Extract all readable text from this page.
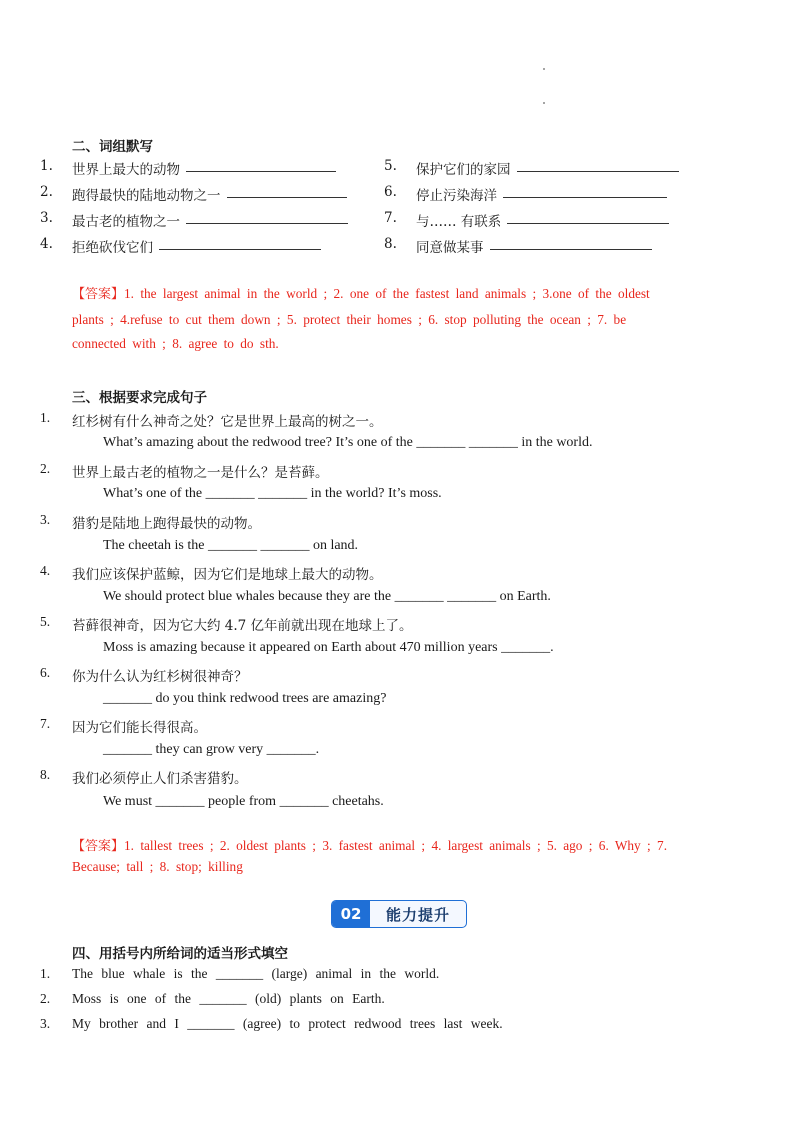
二、词组默写
1.	世界上最大的动物	5.	保护它们的家园
2.	跑得最快的陆地动物之一	6.	停止污染海洋
3.	最古老的植物之一	7.	与…… 有联系
4.	拒绝砍伐它们	8.	同意做某事
【答案】1. the largest animal in the world ; 2. one of the fastest land animals ; 3.one of the oldest
plants ; 4.refuse to cut them down ; 5. protect their homes ; 6. stop polluting the ocean ; 7. be
connected with ; 8. agree to do sth.
三、根据要求完成句子
1.	红杉树有什么神奇之处？它是世界上最高的树之一。
What’s amazing about the redwood tree? It’s one of the _______ _______ in the world.
2.	世界上最古老的植物之一是什么？是苔藓。
What’s one of the _______ _______ in the world? It’s moss.
3.	猎豹是陆地上跑得最快的动物。
The cheetah is the _______ _______ on land.
4.	我们应该保护蓝鲸，因为它们是地球上最大的动物。
We should protect blue whales because they are the _______ _______ on Earth.
5.	苔藓很神奇，因为它大约 4.7 亿年前就出现在地球上了。
Moss is amazing because it appeared on Earth about 470 million years _______.
6.	你为什么认为红杉树很神奇？
_______ do you think redwood trees are amazing?
7.	因为它们能长得很高。
_______ they can grow very _______.
8.	我们必须停止人们杀害猎豹。
We must _______ people from _______ cheetahs.
【答案】1. tallest trees ; 2. oldest plants ; 3. fastest animal ; 4. largest animals ; 5. ago ; 6. Why ; 7.
Because; tall ; 8. stop; killing
02	能力提升
四、用括号内所给词的适当形式填空
1.	The blue whale is the _______ (large) animal in the world.
2.	Moss is one of the _______ (old) plants on Earth.
3.	My brother and I _______ (agree) to protect redwood trees last week.
